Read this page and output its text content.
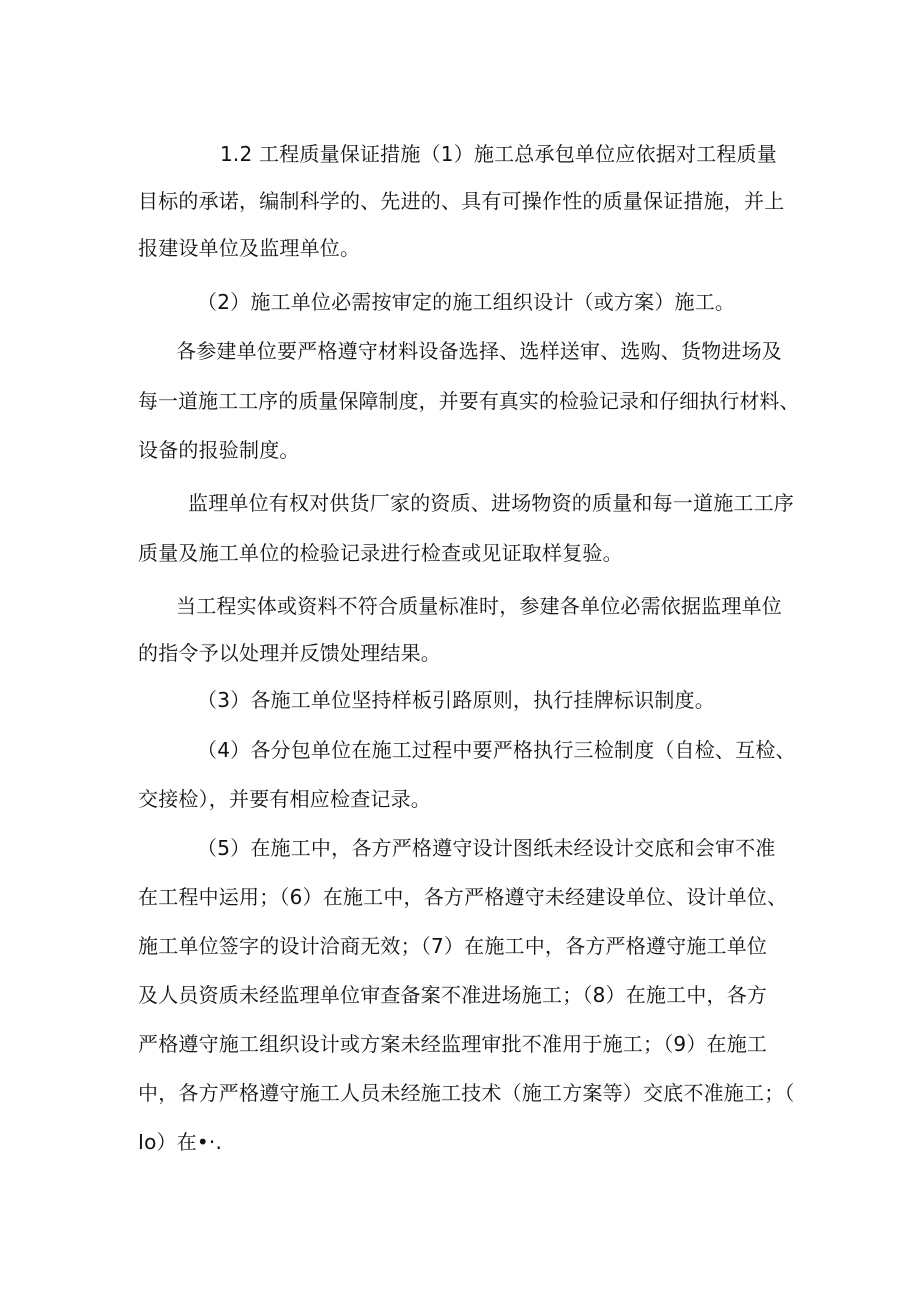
1.2 工程质量保证措施（1）施工总承包单位应依据对工程质量
目标的承诺，编制科学的、先进的、具有可操作性的质量保证措施，并上
报建设单位及监理单位。
（2）施工单位必需按审定的施工组织设计（或方案）施工。
各参建单位要严格遵守材料设备选择、选样送审、选购、货物进场及
每一道施工工序的质量保障制度，并要有真实的检验记录和仔细执行材料、
设备的报验制度。
监理单位有权对供货厂家的资质、进场物资的质量和每一道施工工序
质量及施工单位的检验记录进行检查或见证取样复验。
当工程实体或资料不符合质量标准时，参建各单位必需依据监理单位
的指令予以处理并反馈处理结果。
（3）各施工单位坚持样板引路原则，执行挂牌标识制度。
（4）各分包单位在施工过程中要严格执行三检制度（自检、互检、
交接检），并要有相应检查记录。
（5）在施工中，各方严格遵守设计图纸未经设计交底和会审不准
在工程中运用；（6）在施工中，各方严格遵守未经建设单位、设计单位、
施工单位签字的设计洽商无效；（7）在施工中，各方严格遵守施工单位
及人员资质未经监理单位审查备案不准进场施工；（8）在施工中，各方
严格遵守施工组织设计或方案未经监理审批不准用于施工；（9）在施工
中，各方严格遵守施工人员未经施工技术（施工方案等）交底不准施工；（
Io）在•·.
